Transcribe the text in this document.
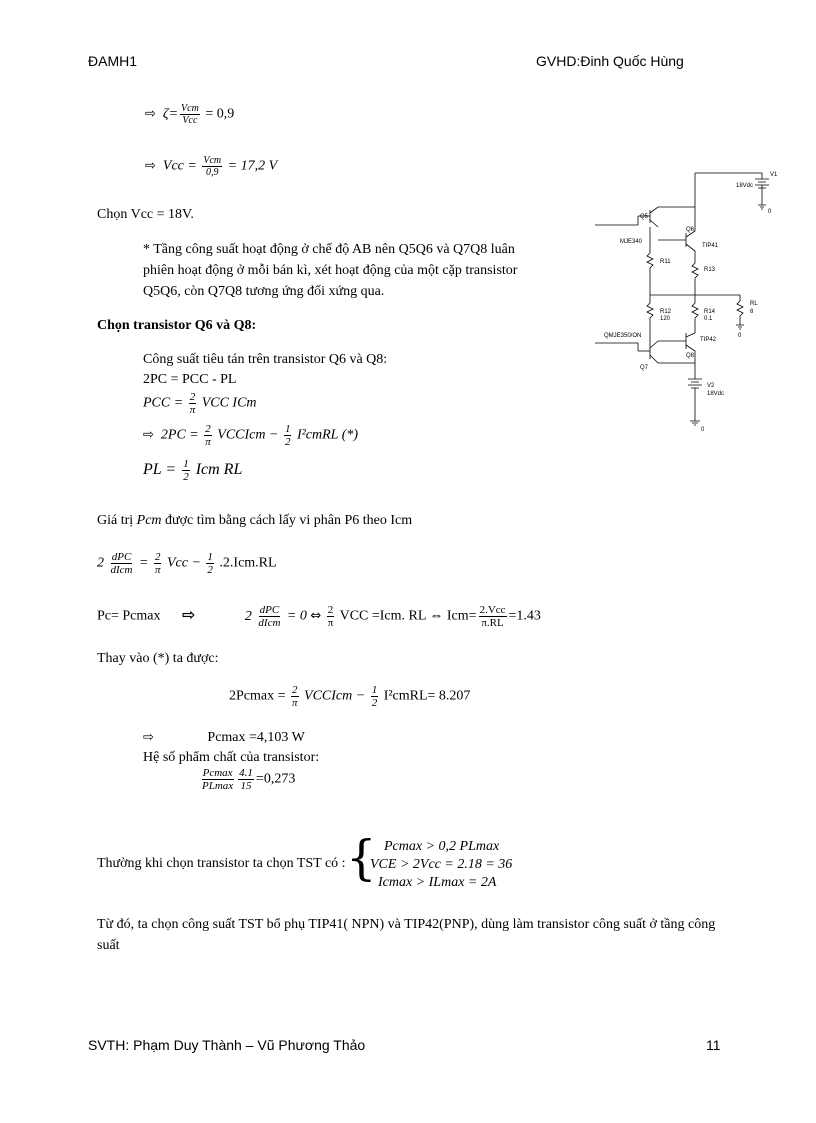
ĐAMH1	GVHD:Đinh Quốc Hùng
⇨ $\zeta= \frac{\text{Vcm}}{\text{Vcc}} = 0,9$
⇨ Vcc = $\frac{\text{Vcm}}{0,9} = 17,2$ V
Chọn Vcc = 18V.
* Tầng công suất hoạt động ở chế độ AB nên Q5Q6 và Q7Q8 luân phiên hoạt động ở mỗi bán kì, xét hoạt động của một cặp transistor Q5Q6, còn Q7Q8 tương ứng đối xứng qua.
Chọn transistor Q6 và Q8:
Công suất tiêu tán trên transistor Q6 và Q8:
2PC = PCC - PL
PCC = $\frac{2}{\pi}$ VCC ICm
⇨ $2PC = \frac{2}{\pi}$ VCCIcm − $\frac{1}{2}$ I²cmRL (*)
PL = $\frac{1}{2}$ Icm RL
Giá trị Pcm được tìm bằng cách lấy vi phân P6 theo Icm
$2 \frac{\text{dPC}}{\text{dIcm}} = \frac{2}{\pi}$ Vcc − $\frac{1}{2} .2.Icm.RL$
Pc= Pcmax ⇨	$2 \frac{\text{dPC}}{\text{dIcm}} = 0$ ⇔ $\frac{2}{\pi}$ VCC =Icm. RL ⇔ $Icm= \frac{\text{2.Vcc}}{\pi.RL} =1.43$
Thay vào (*) ta được:
$2Pcmax = \frac{2}{\pi}$ VCCIcm − $\frac{1}{2}$ I²cmRL= 8.207
⇨	Pcmax =4,103 W
Hệ số phẩm chất của transistor:
$\frac{Pcmax}{PLmax} \frac{4.1}{15} =0,273$
Thường khi chọn transistor ta chọn TST có : { Pcmax > 0,2 PLmax
VCE > 2Vcc = 2.18 = 36
Icmax > ILmax = 2A
Từ đó, ta chọn công suất TST bổ phụ TIP41( NPN) và TIP42(PNP), dùng làm transistor công suất ở tầng công suất
V1
18Vdc
0
Q5
Q6
MJE340
TIP41
R11
R13
RL
8
R12
120
R14
0.1
0
QMJE350/ON
TIP42
Q8
Q7
V2
18Vdc
0
SVTH: Phạm Duy Thành – Vũ Phương Thảo	11
